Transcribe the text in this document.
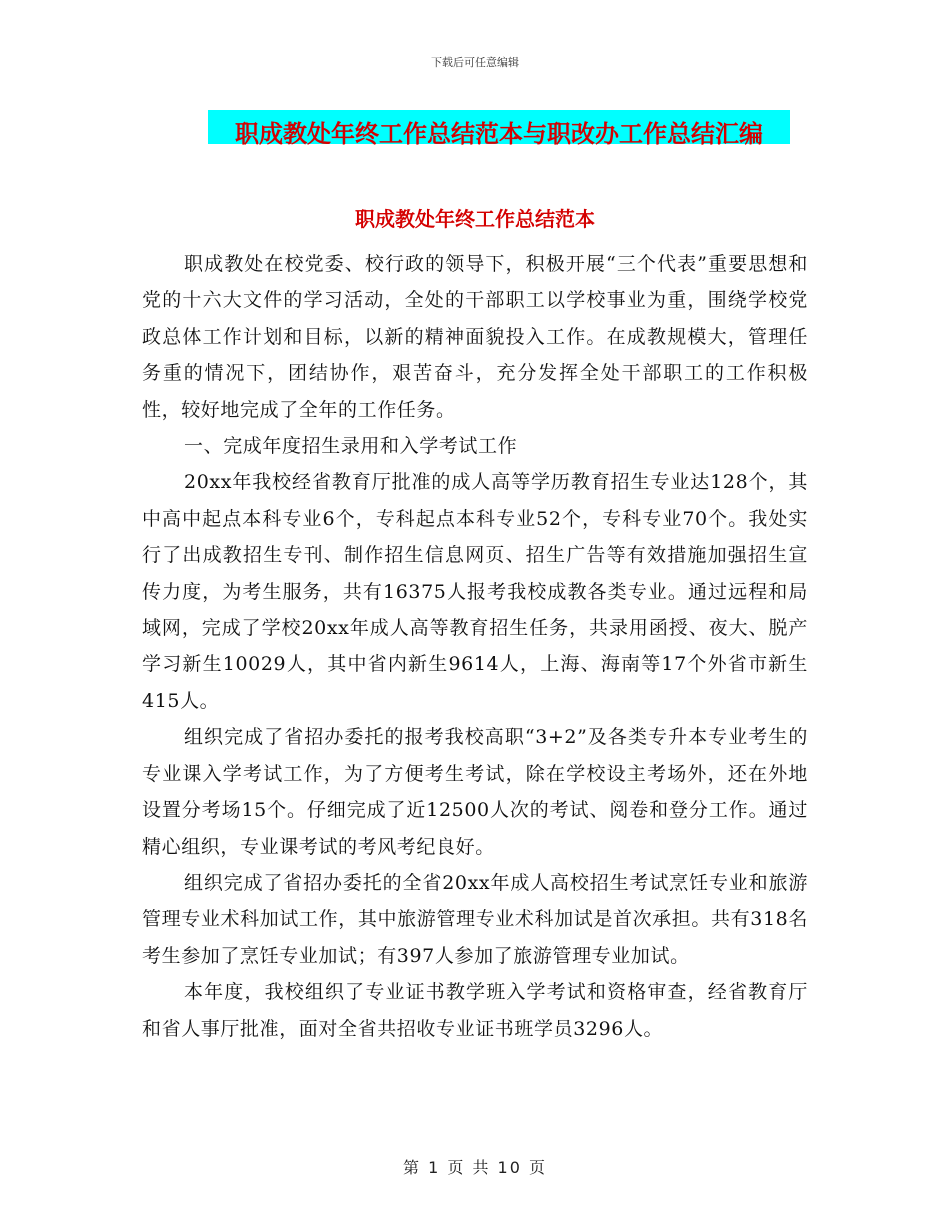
下载后可任意编辑
职成教处年终工作总结范本与职改办工作总结汇编
职成教处年终工作总结范本

职成教处在校党委、校行政的领导下，积极开展“三个代表”重要思想和党的十六大文件的学习活动，全处的干部职工以学校事业为重，围绕学校党政总体工作计划和目标，以新的精神面貌投入工作。在成教规模大，管理任务重的情况下，团结协作，艰苦奋斗，充分发挥全处干部职工的工作积极性，较好地完成了全年的工作任务。

一、完成年度招生录用和入学考试工作

20xx年我校经省教育厅批准的成人高等学历教育招生专业达128个，其中高中起点本科专业6个，专科起点本科专业52个，专科专业70个。我处实行了出成教招生专刊、制作招生信息网页、招生广告等有效措施加强招生宣传力度，为考生服务，共有16375人报考我校成教各类专业。通过远程和局域网，完成了学校20xx年成人高等教育招生任务，共录用函授、夜大、脱产学习新生10029人，其中省内新生9614人，上海、海南等17个外省市新生415人。

组织完成了省招办委托的报考我校高职“3+2”及各类专升本专业考生的专业课入学考试工作，为了方便考生考试，除在学校设主考场外，还在外地设置分考场15个。仔细完成了近12500人次的考试、阅卷和登分工作。通过精心组织，专业课考试的考风考纪良好。

组织完成了省招办委托的全省20xx年成人高校招生考试烹饪专业和旅游管理专业术科加试工作，其中旅游管理专业术科加试是首次承担。共有318名考生参加了烹饪专业加试；有397人参加了旅游管理专业加试。

本年度，我校组织了专业证书教学班入学考试和资格审查，经省教育厅和省人事厅批准，面对全省共招收专业证书班学员3296人。

第 1 页 共 10 页
